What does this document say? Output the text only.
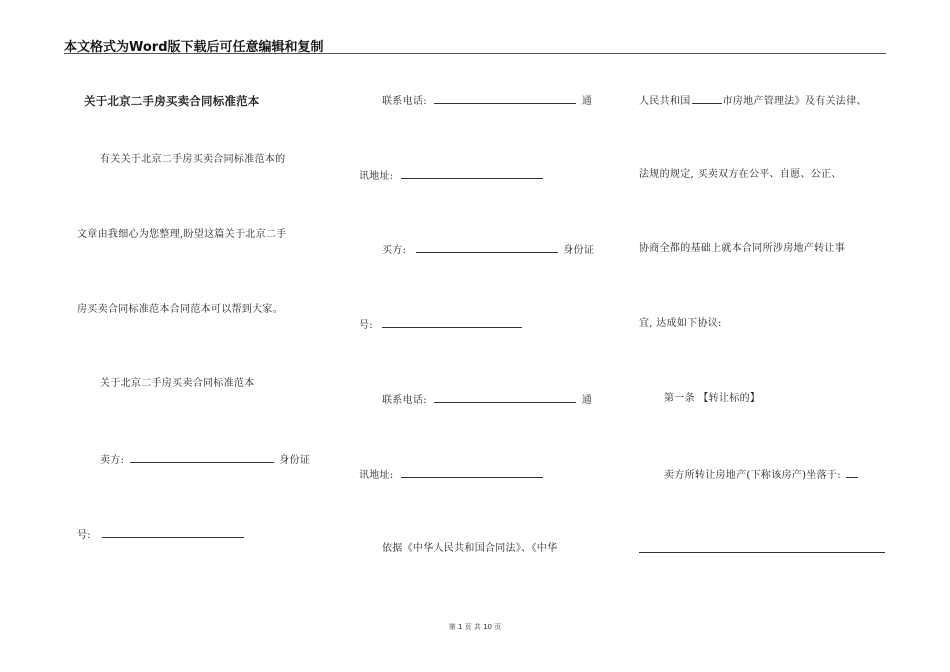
本文格式为Word版下载后可任意编辑和复制
关于北京二手房买卖合同标准范本
有关关于北京二手房买卖合同标准范本的
文章由我细心为您整理,盼望这篇关于北京二手
房买卖合同标准范本合同范本可以帮到大家。
关于北京二手房买卖合同标准范本
卖方:	身份证
号:
联系电话:	通
讯地址:
买方:	身份证
号:
联系电话:	通
讯地址:
依据《中华人民共和国合同法》、《中华
人民共和国	市房地产管理法》及有关法律、
法规的规定, 买卖双方在公平、自愿、公正、
协商全都的基础上就本合同所涉房地产转让事
宜, 达成如下协议:
第一条 【转让标的】
卖方所转让房地产(下称该房产)坐落于:
第 1 页 共 10 页
